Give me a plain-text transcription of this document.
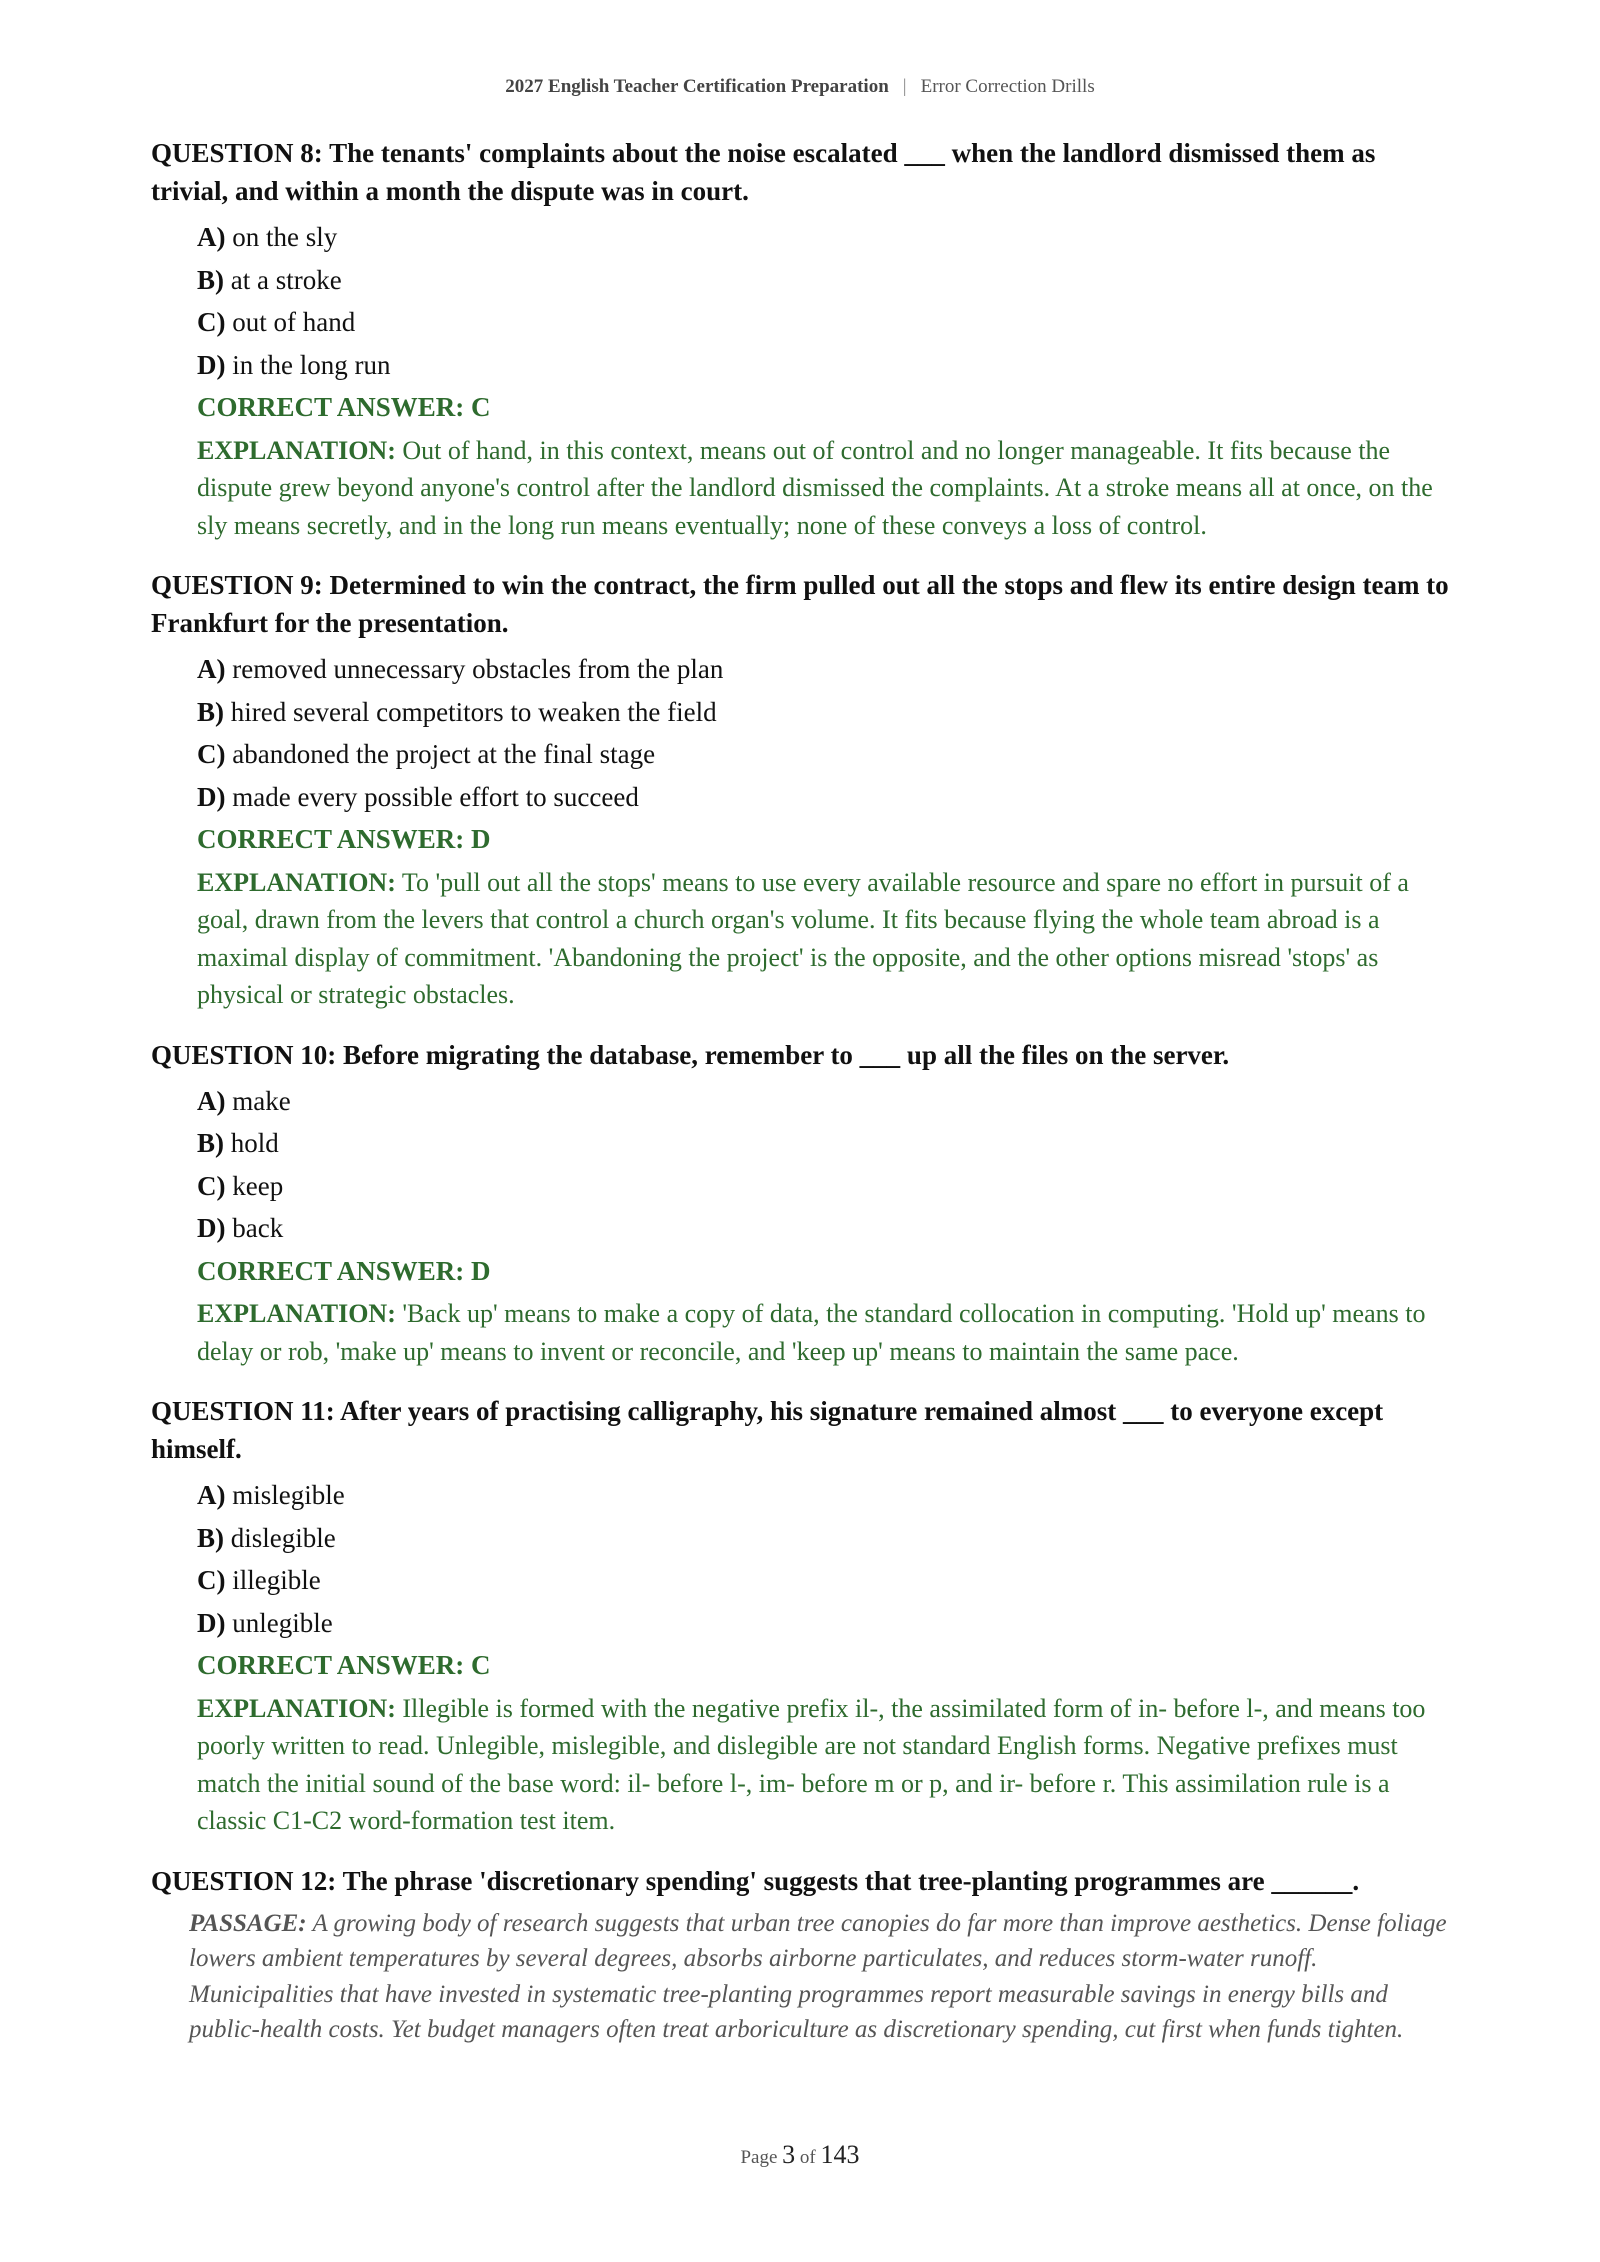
2027 English Teacher Certification Preparation | Error Correction Drills

QUESTION 8: The tenants' complaints about the noise escalated ___ when the landlord dismissed them as trivial, and within a month the dispute was in court.

A) on the sly
B) at a stroke
C) out of hand
D) in the long run
CORRECT ANSWER: C
EXPLANATION: Out of hand, in this context, means out of control and no longer manageable. It fits because the dispute grew beyond anyone's control after the landlord dismissed the complaints. At a stroke means all at once, on the sly means secretly, and in the long run means eventually; none of these conveys a loss of control.

QUESTION 9: Determined to win the contract, the firm pulled out all the stops and flew its entire design team to Frankfurt for the presentation.

A) removed unnecessary obstacles from the plan
B) hired several competitors to weaken the field
C) abandoned the project at the final stage
D) made every possible effort to succeed
CORRECT ANSWER: D
EXPLANATION: To 'pull out all the stops' means to use every available resource and spare no effort in pursuit of a goal, drawn from the levers that control a church organ's volume. It fits because flying the whole team abroad is a maximal display of commitment. 'Abandoning the project' is the opposite, and the other options misread 'stops' as physical or strategic obstacles.

QUESTION 10: Before migrating the database, remember to ___ up all the files on the server.

A) make
B) hold
C) keep
D) back
CORRECT ANSWER: D
EXPLANATION: 'Back up' means to make a copy of data, the standard collocation in computing. 'Hold up' means to delay or rob, 'make up' means to invent or reconcile, and 'keep up' means to maintain the same pace.

QUESTION 11: After years of practising calligraphy, his signature remained almost ___ to everyone except himself.

A) mislegible
B) dislegible
C) illegible
D) unlegible
CORRECT ANSWER: C
EXPLANATION: Illegible is formed with the negative prefix il-, the assimilated form of in- before l-, and means too poorly written to read. Unlegible, mislegible, and dislegible are not standard English forms. Negative prefixes must match the initial sound of the base word: il- before l-, im- before m or p, and ir- before r. This assimilation rule is a classic C1-C2 word-formation test item.

QUESTION 12: The phrase 'discretionary spending' suggests that tree-planting programmes are ______.

PASSAGE: A growing body of research suggests that urban tree canopies do far more than improve aesthetics. Dense foliage lowers ambient temperatures by several degrees, absorbs airborne particulates, and reduces storm-water runoff. Municipalities that have invested in systematic tree-planting programmes report measurable savings in energy bills and public-health costs. Yet budget managers often treat arboriculture as discretionary spending, cut first when funds tighten.
Page 3 of 143
